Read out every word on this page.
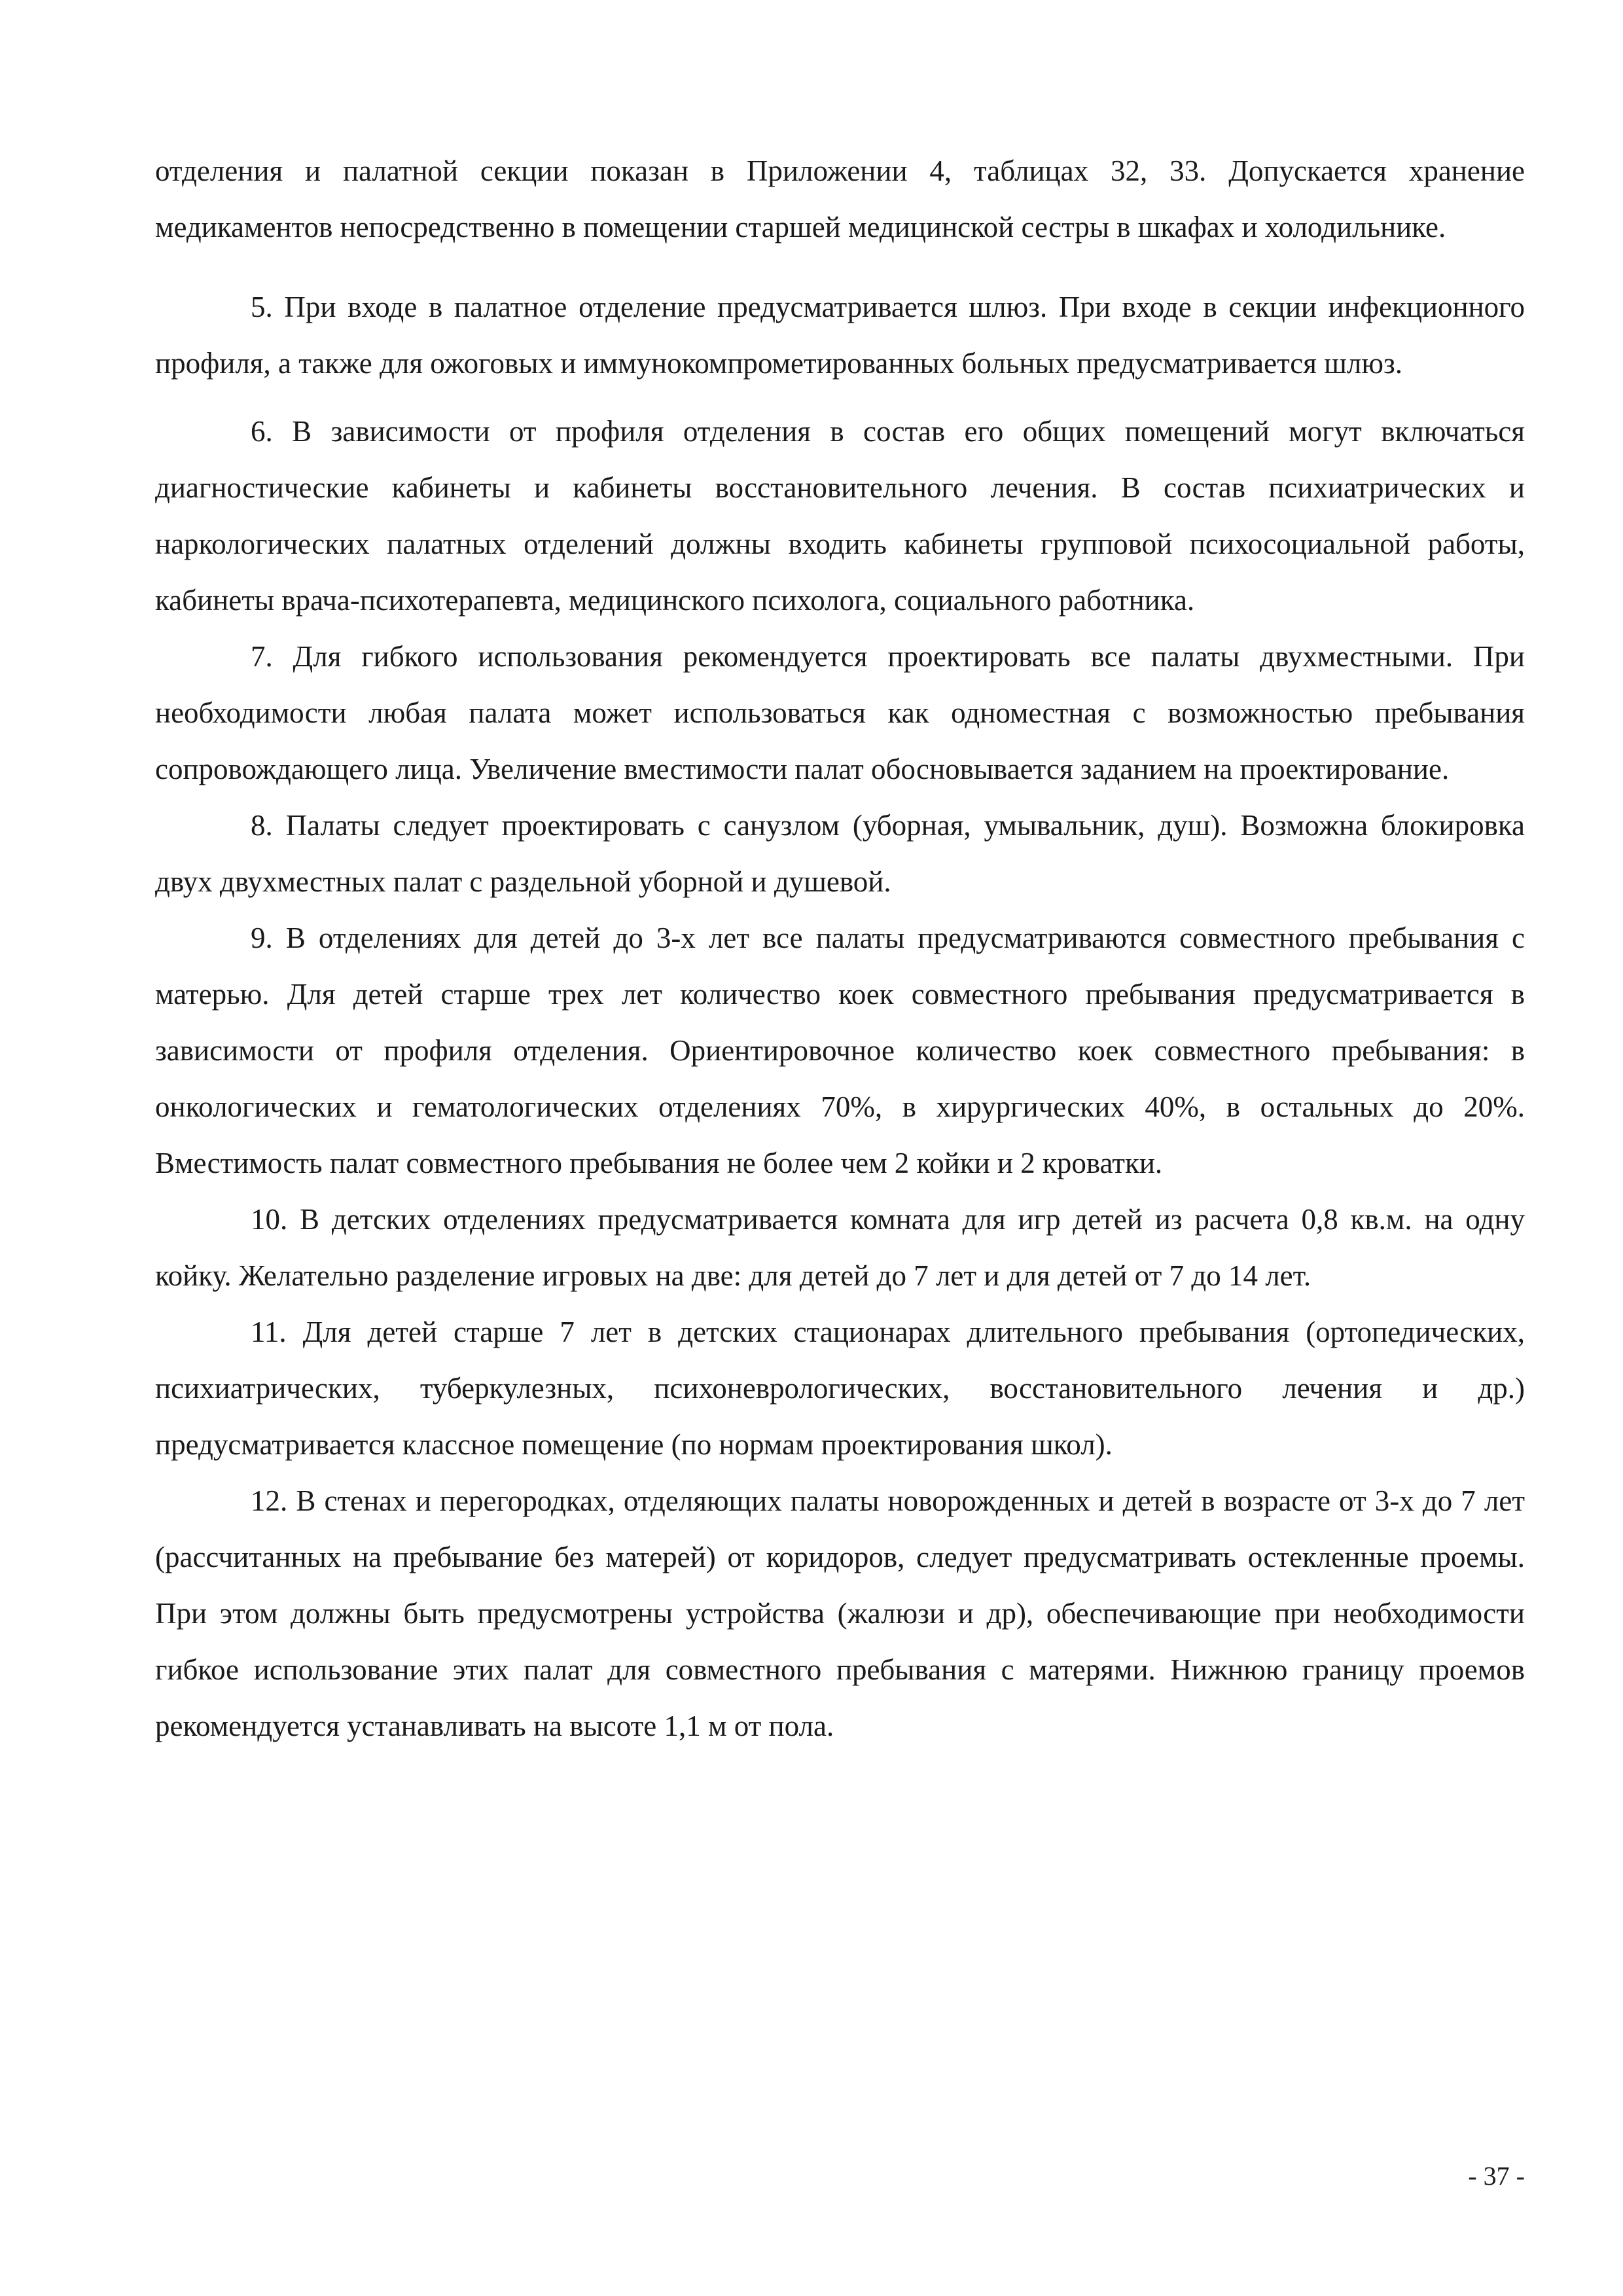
отделения и палатной секции показан в Приложении 4, таблицах 32, 33. Допускается хранение медикаментов непосредственно в помещении старшей медицинской сестры в шкафах и холодильнике.

5. При входе в палатное отделение предусматривается шлюз. При входе в секции инфекционного профиля, а также для ожоговых и иммунокомпрометированных больных предусматривается шлюз.

6. В зависимости от профиля отделения в состав его общих помещений могут включаться диагностические кабинеты и кабинеты восстановительного лечения. В состав психиатрических и наркологических палатных отделений должны входить кабинеты групповой психосоциальной работы, кабинеты врача-психотерапевта, медицинского психолога, социального работника.

7. Для гибкого использования рекомендуется проектировать все палаты двухместными. При необходимости любая палата может использоваться как одноместная с возможностью пребывания сопровождающего лица. Увеличение вместимости палат обосновывается заданием на проектирование.

8. Палаты следует проектировать с санузлом (уборная, умывальник, душ). Возможна блокировка двух двухместных палат с раздельной уборной и душевой.

9. В отделениях для детей до 3-х лет все палаты предусматриваются совместного пребывания с матерью. Для детей старше трех лет количество коек совместного пребывания предусматривается в зависимости от профиля отделения. Ориентировочное количество коек совместного пребывания: в онкологических и гематологических отделениях 70%, в хирургических 40%, в остальных до 20%. Вместимость палат совместного пребывания не более чем 2 койки и 2 кроватки.

10. В детских отделениях предусматривается комната для игр детей из расчета 0,8 кв.м. на одну койку. Желательно разделение игровых на две: для детей до 7 лет и для детей от 7 до 14 лет.

11. Для детей старше 7 лет в детских стационарах длительного пребывания (ортопедических, психиатрических, туберкулезных, психоневрологических, восстановительного лечения и др.) предусматривается классное помещение (по нормам проектирования школ).

12. В стенах и перегородках, отделяющих палаты новорожденных и детей в возрасте от 3-х до 7 лет (рассчитанных на пребывание без матерей) от коридоров, следует предусматривать остекленные проемы. При этом должны быть предусмотрены устройства (жалюзи и др), обеспечивающие при необходимости гибкое использование этих палат для совместного пребывания с матерями. Нижнюю границу проемов рекомендуется устанавливать на высоте 1,1 м от пола.

- 37 -
